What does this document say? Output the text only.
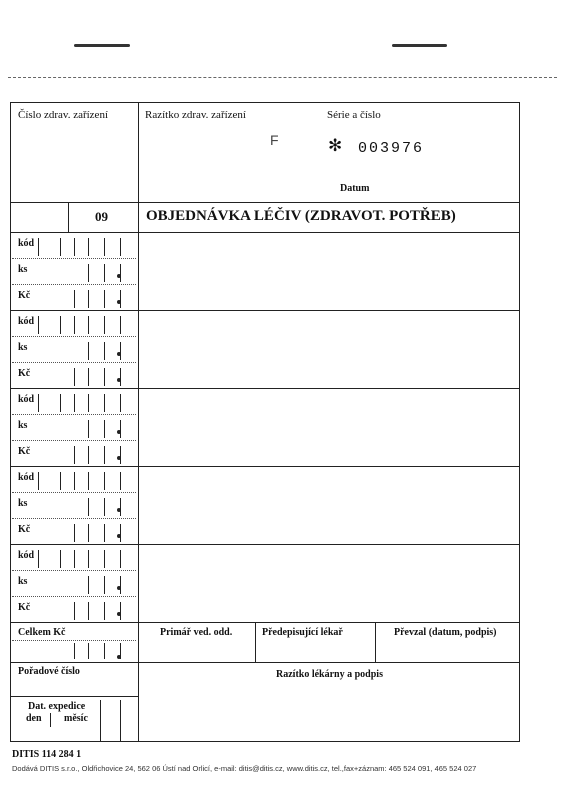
Číslo zdrav. zařízení	Razítko zdrav. zařízení	Série a číslo
F	✻ 003976
Datum
09	OBJEDNÁVKA LÉČIV (ZDRAVOT. POTŘEB)
kód
ks
Kč
kód
ks
Kč
kód
ks
Kč
kód
ks
Kč
kód
ks
Kč
Celkem Kč	Primář ved. odd.	Předepisující lékař	Převzal (datum, podpis)
Pořadové číslo	Razítko lékárny a podpis
Dat. expedice
den měsíc
DITIS 114 284 1
Dodává DITIS s.r.o., Oldřichovice 24, 562 06 Ústí nad Orlicí, e-mail: ditis@ditis.cz, www.ditis.cz, tel.,fax+záznam: 465 524 091, 465 524 027
